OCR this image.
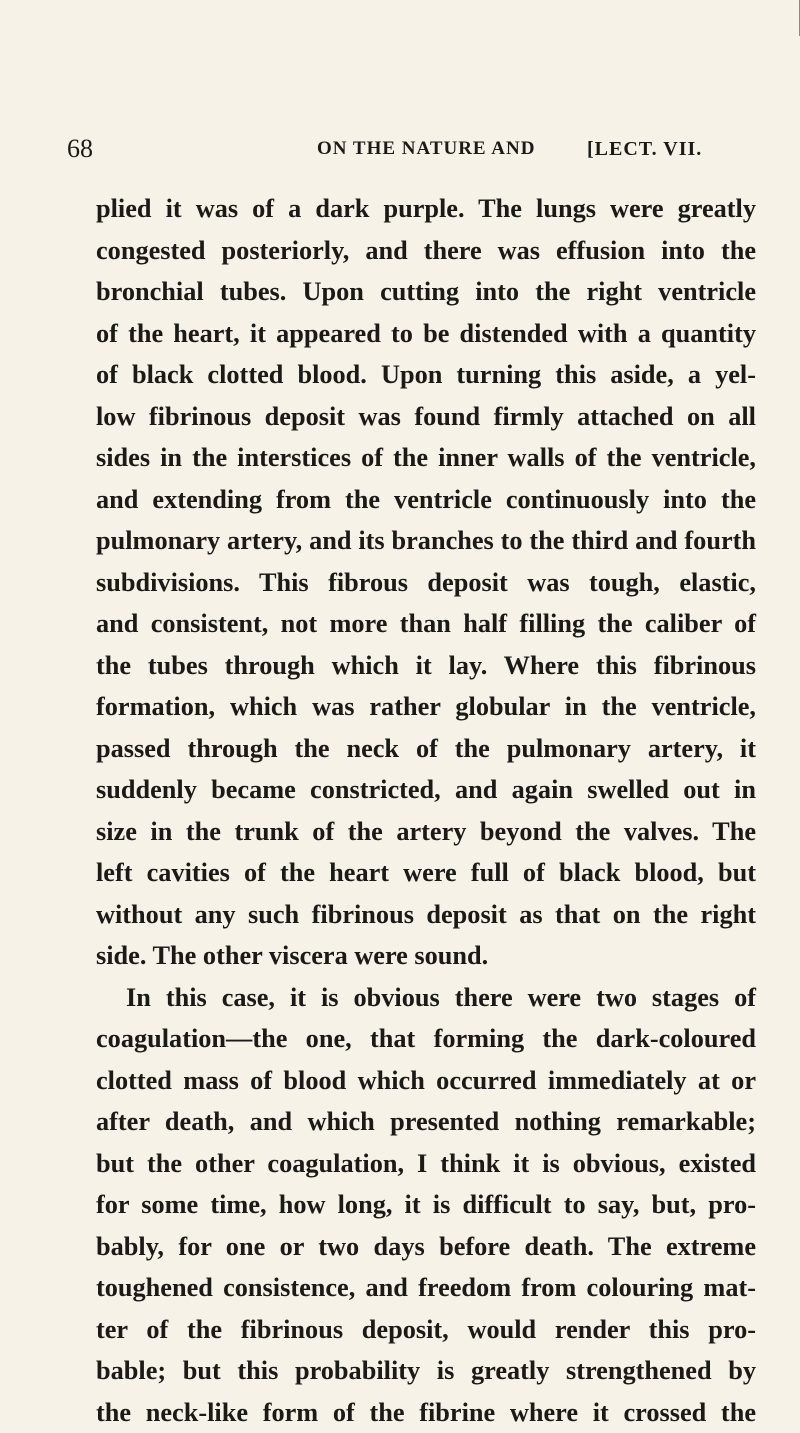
68	ON THE NATURE AND	[LECT. VII.
plied it was of a dark purple. The lungs were greatly
congested posteriorly, and there was effusion into the
bronchial tubes. Upon cutting into the right ventricle
of the heart, it appeared to be distended with a quantity
of black clotted blood. Upon turning this aside, a yel-
low fibrinous deposit was found firmly attached on all
sides in the interstices of the inner walls of the ventricle,
and extending from the ventricle continuously into the
pulmonary artery, and its branches to the third and fourth
subdivisions. This fibrous deposit was tough, elastic,
and consistent, not more than half filling the caliber of
the tubes through which it lay. Where this fibrinous
formation, which was rather globular in the ventricle,
passed through the neck of the pulmonary artery, it
suddenly became constricted, and again swelled out in
size in the trunk of the artery beyond the valves. The
left cavities of the heart were full of black blood, but
without any such fibrinous deposit as that on the right
side. The other viscera were sound.
In this case, it is obvious there were two stages of
coagulation—the one, that forming the dark-coloured
clotted mass of blood which occurred immediately at or
after death, and which presented nothing remarkable;
but the other coagulation, I think it is obvious, existed
for some time, how long, it is difficult to say, but, pro-
bably, for one or two days before death. The extreme
toughened consistence, and freedom from colouring mat-
ter of the fibrinous deposit, would render this pro-
bable; but this probability is greatly strengthened by
the neck-like form of the fibrine where it crossed the
